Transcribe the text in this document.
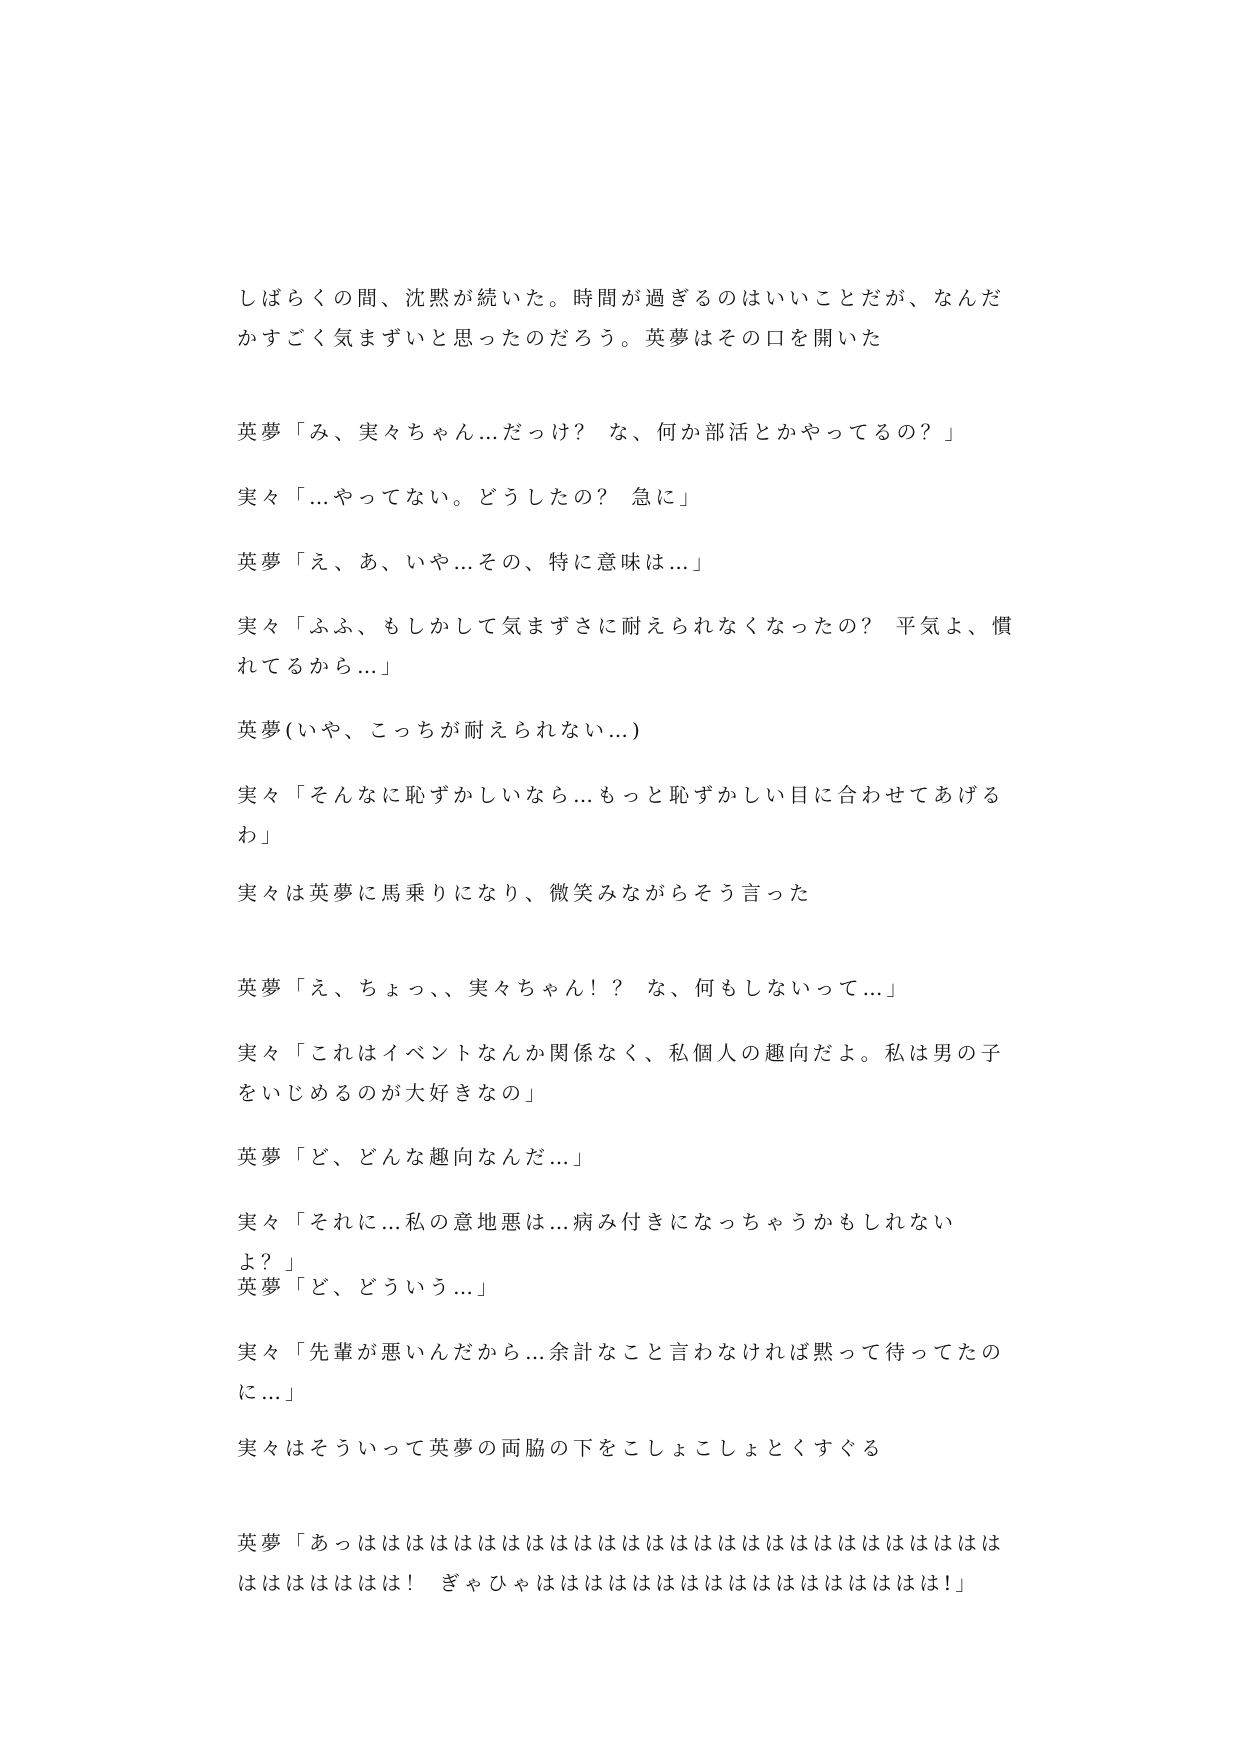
しばらくの間、沈黙が続いた。時間が過ぎるのはいいことだが、なんだかすごく気まずいと思ったのだろう。英夢はその口を開いた

英夢「み、実々ちゃん…だっけ？ な、何か部活とかやってるの？」

実々「…やってない。どうしたの？ 急に」

英夢「え、あ、いや…その、特に意味は…」

実々「ふふ、もしかして気まずさに耐えられなくなったの？ 平気よ、慣れてるから…」

英夢(いや、こっちが耐えられない…)

実々「そんなに恥ずかしいなら…もっと恥ずかしい目に合わせてあげるわ」

実々は英夢に馬乗りになり、微笑みながらそう言った

英夢「え、ちょっ、、実々ちゃん！？ な、何もしないって…」

実々「これはイベントなんか関係なく、私個人の趣向だよ。私は男の子をいじめるのが大好きなの」

英夢「ど、どんな趣向なんだ…」

実々「それに…私の意地悪は…病み付きになっちゃうかもしれないよ？」

英夢「ど、どういう…」

実々「先輩が悪いんだから…余計なこと言わなければ黙って待ってたのに…」

実々はそういって英夢の両脇の下をこしょこしょとくすぐる

英夢「あっはははははははははははははははははははははははははははははははははは！ ぎゃひゃははははははははははははははははは!」
